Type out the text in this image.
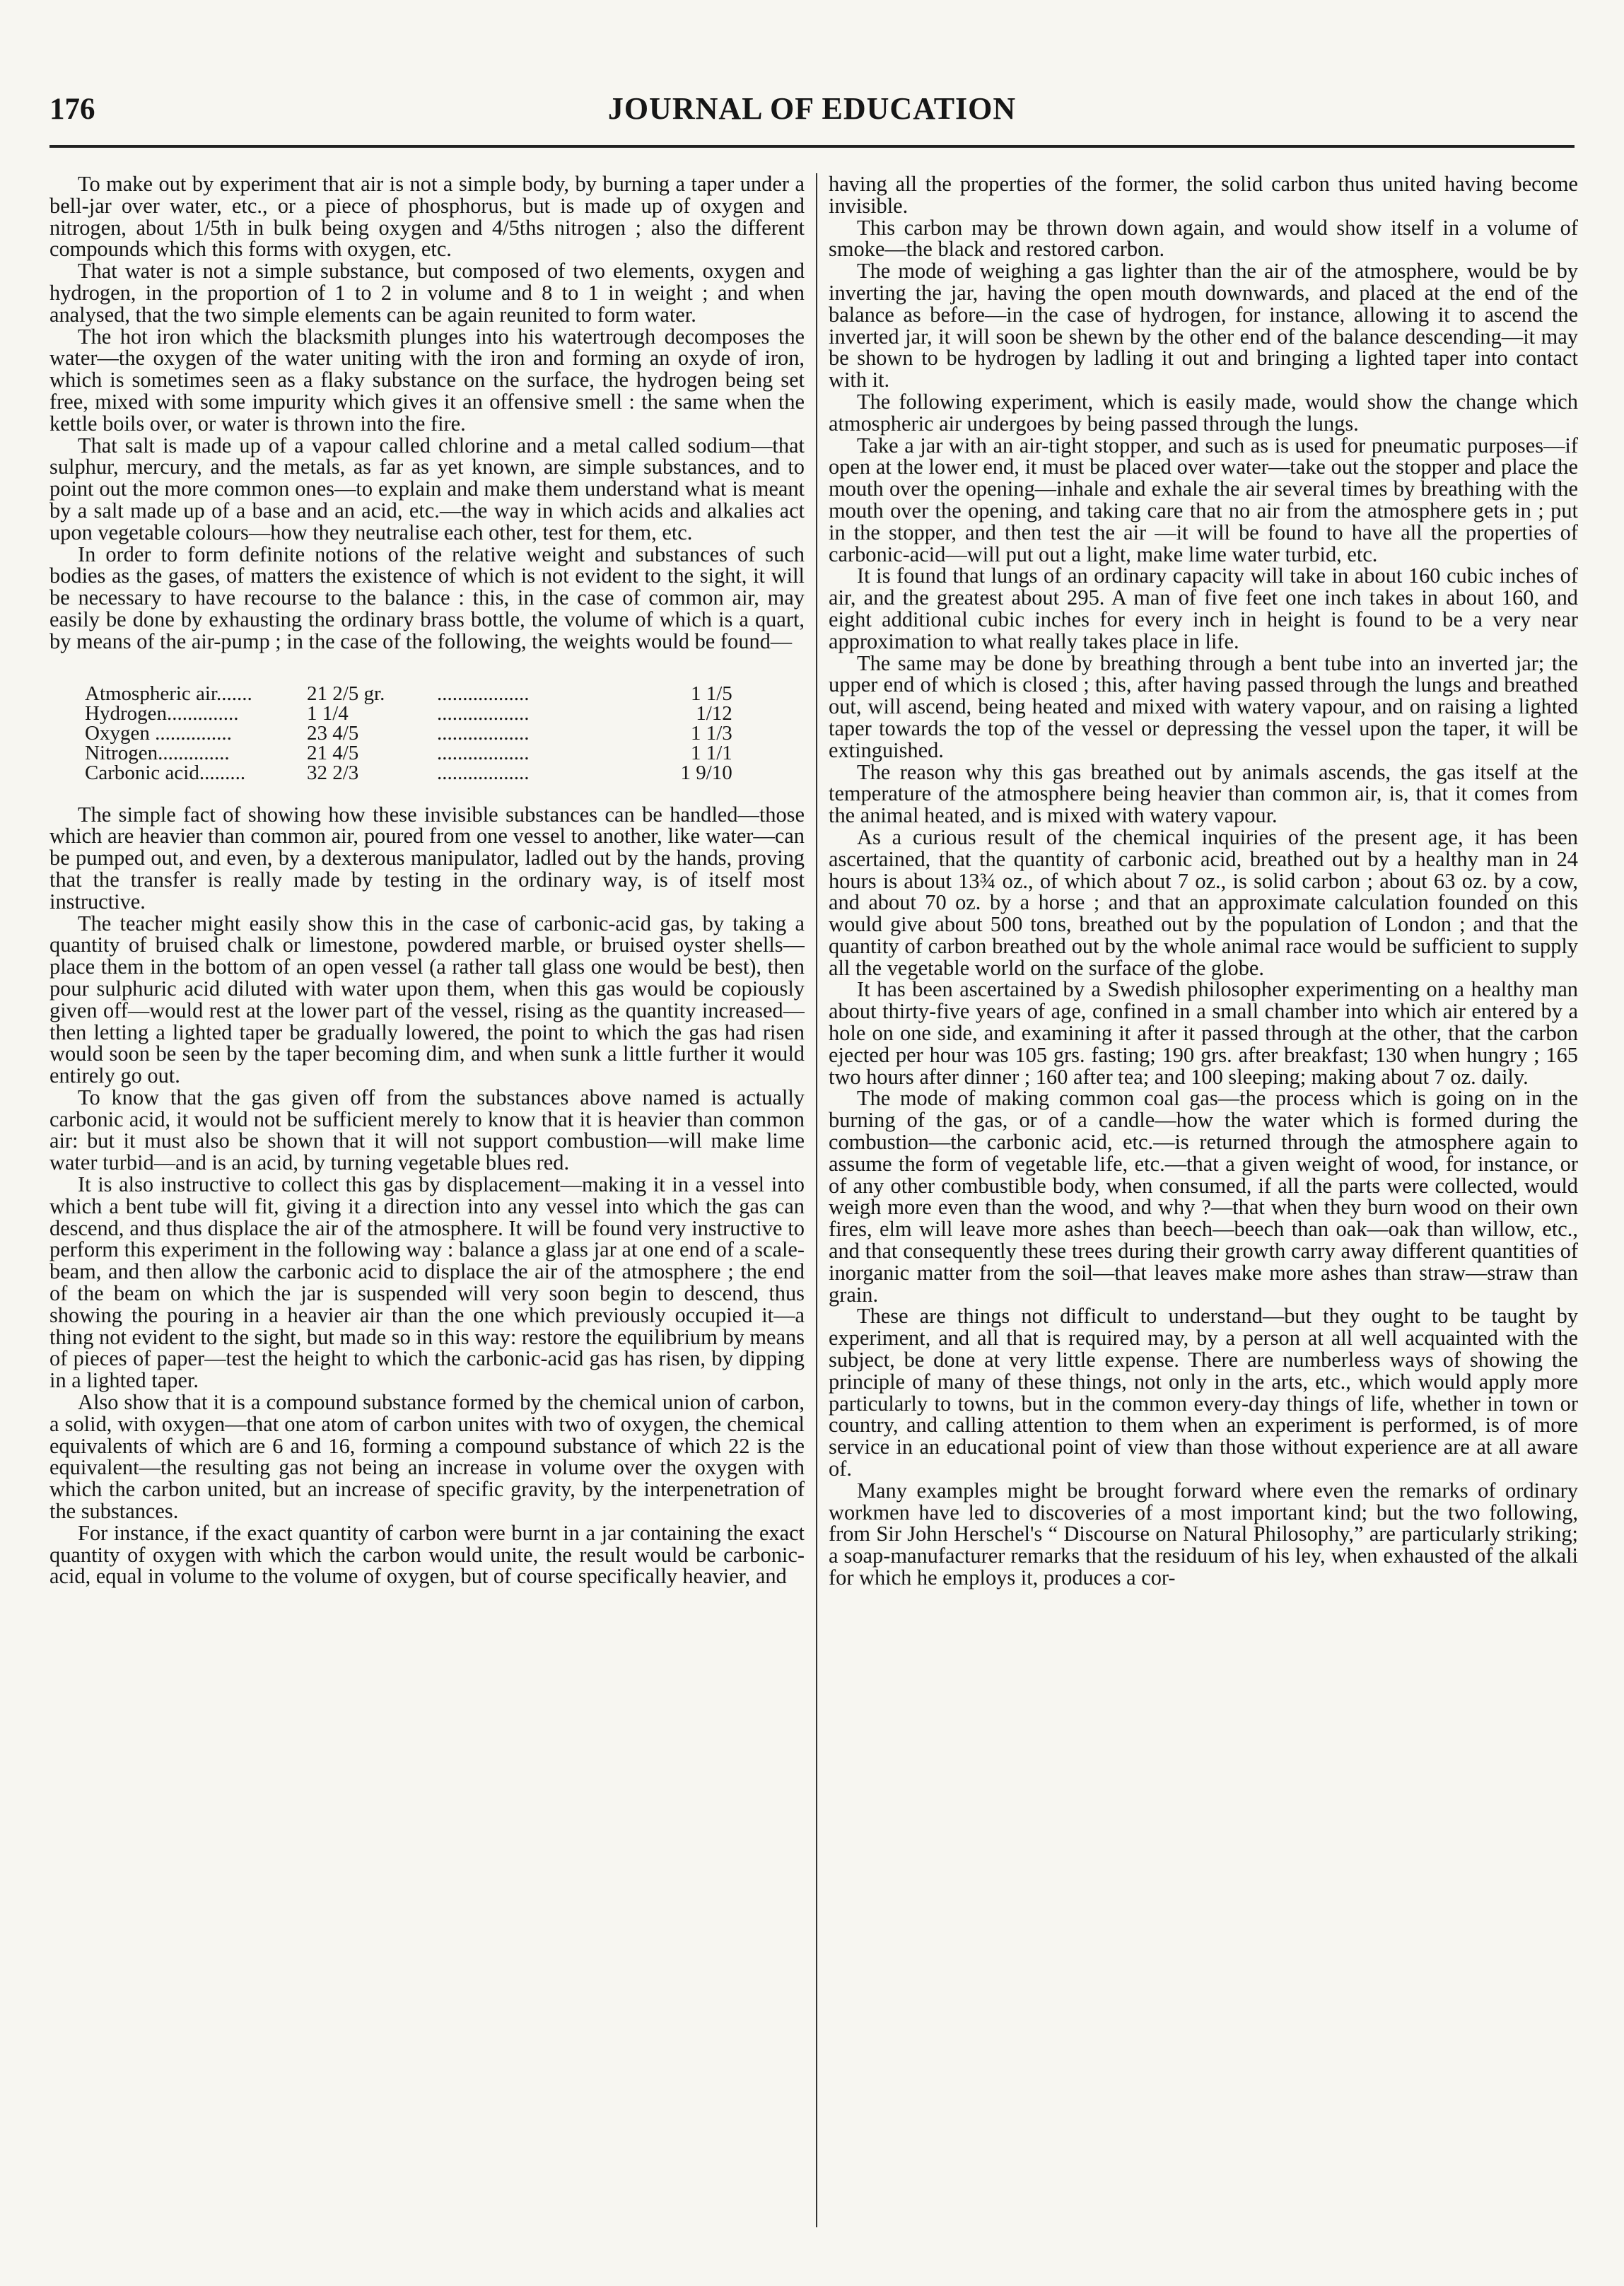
176	JOURNAL OF EDUCATION

To make out by experiment that air is not a simple body, by burning a taper under a bell-jar over water, etc., or a piece of phosphorus, but is made up of oxygen and nitrogen, about 1/5th in bulk being oxygen and 4/5ths nitrogen ; also the different compounds which this forms with oxygen, etc.

That water is not a simple substance, but composed of two elements, oxygen and hydrogen, in the proportion of 1 to 2 in volume and 8 to 1 in weight ; and when analysed, that the two simple elements can be again reunited to form water.

The hot iron which the blacksmith plunges into his watertrough decomposes the water—the oxygen of the water uniting with the iron and forming an oxyde of iron, which is sometimes seen as a flaky substance on the surface, the hydrogen being set free, mixed with some impurity which gives it an offensive smell : the same when the kettle boils over, or water is thrown into the fire.

That salt is made up of a vapour called chlorine and a metal called sodium—that sulphur, mercury, and the metals, as far as yet known, are simple substances, and to point out the more common ones—to explain and make them understand what is meant by a salt made up of a base and an acid, etc.—the way in which acids and alkalies act upon vegetable colours—how they neutralise each other, test for them, etc.

In order to form definite notions of the relative weight and substances of such bodies as the gases, of matters the existence of which is not evident to the sight, it will be necessary to have recourse to the balance : this, in the case of common air, may easily be done by exhausting the ordinary brass bottle, the volume of which is a quart, by means of the air-pump ; in the case of the following, the weights would be found—

Atmospheric air.......	21 2/5 gr.	..................	1 1/5
Hydrogen..............	1 1/4	..................	1/12
Oxygen ...............	23 4/5	..................	1 1/3
Nitrogen..............	21 4/5	..................	1 1/1
Carbonic acid.........	32 2/3	..................	1 9/10

The simple fact of showing how these invisible substances can be handled—those which are heavier than common air, poured from one vessel to another, like water—can be pumped out, and even, by a dexterous manipulator, ladled out by the hands, proving that the transfer is really made by testing in the ordinary way, is of itself most instructive.

The teacher might easily show this in the case of carbonic-acid gas, by taking a quantity of bruised chalk or limestone, powdered marble, or bruised oyster shells—place them in the bottom of an open vessel (a rather tall glass one would be best), then pour sulphuric acid diluted with water upon them, when this gas would be copiously given off—would rest at the lower part of the vessel, rising as the quantity increased—then letting a lighted taper be gradually lowered, the point to which the gas had risen would soon be seen by the taper becoming dim, and when sunk a little further it would entirely go out.

To know that the gas given off from the substances above named is actually carbonic acid, it would not be sufficient merely to know that it is heavier than common air: but it must also be shown that it will not support combustion—will make lime water turbid—and is an acid, by turning vegetable blues red.

It is also instructive to collect this gas by displacement—making it in a vessel into which a bent tube will fit, giving it a direction into any vessel into which the gas can descend, and thus displace the air of the atmosphere. It will be found very instructive to perform this experiment in the following way : balance a glass jar at one end of a scale-beam, and then allow the carbonic acid to displace the air of the atmosphere ; the end of the beam on which the jar is suspended will very soon begin to descend, thus showing the pouring in a heavier air than the one which previously occupied it—a thing not evident to the sight, but made so in this way: restore the equilibrium by means of pieces of paper—test the height to which the carbonic-acid gas has risen, by dipping in a lighted taper.

Also show that it is a compound substance formed by the chemical union of carbon, a solid, with oxygen—that one atom of carbon unites with two of oxygen, the chemical equivalents of which are 6 and 16, forming a compound substance of which 22 is the equivalent—the resulting gas not being an increase in volume over the oxygen with which the carbon united, but an increase of specific gravity, by the interpenetration of the substances.

For instance, if the exact quantity of carbon were burnt in a jar containing the exact quantity of oxygen with which the carbon would unite, the result would be carbonic-acid, equal in volume to the volume of oxygen, but of course specifically heavier, and

having all the properties of the former, the solid carbon thus united having become invisible.

This carbon may be thrown down again, and would show itself in a volume of smoke—the black and restored carbon.

The mode of weighing a gas lighter than the air of the atmosphere, would be by inverting the jar, having the open mouth downwards, and placed at the end of the balance as before—in the case of hydrogen, for instance, allowing it to ascend the inverted jar, it will soon be shewn by the other end of the balance descending—it may be shown to be hydrogen by ladling it out and bringing a lighted taper into contact with it.

The following experiment, which is easily made, would show the change which atmospheric air undergoes by being passed through the lungs.

Take a jar with an air-tight stopper, and such as is used for pneumatic purposes—if open at the lower end, it must be placed over water—take out the stopper and place the mouth over the opening—inhale and exhale the air several times by breathing with the mouth over the opening, and taking care that no air from the atmosphere gets in ; put in the stopper, and then test the air —it will be found to have all the properties of carbonic-acid—will put out a light, make lime water turbid, etc.

It is found that lungs of an ordinary capacity will take in about 160 cubic inches of air, and the greatest about 295. A man of five feet one inch takes in about 160, and eight additional cubic inches for every inch in height is found to be a very near approximation to what really takes place in life.

The same may be done by breathing through a bent tube into an inverted jar; the upper end of which is closed ; this, after having passed through the lungs and breathed out, will ascend, being heated and mixed with watery vapour, and on raising a lighted taper towards the top of the vessel or depressing the vessel upon the taper, it will be extinguished.

The reason why this gas breathed out by animals ascends, the gas itself at the temperature of the atmosphere being heavier than common air, is, that it comes from the animal heated, and is mixed with watery vapour.

As a curious result of the chemical inquiries of the present age, it has been ascertained, that the quantity of carbonic acid, breathed out by a healthy man in 24 hours is about 13¾ oz., of which about 7 oz., is solid carbon ; about 63 oz. by a cow, and about 70 oz. by a horse ; and that an approximate calculation founded on this would give about 500 tons, breathed out by the population of London ; and that the quantity of carbon breathed out by the whole animal race would be sufficient to supply all the vegetable world on the surface of the globe.

It has been ascertained by a Swedish philosopher experimenting on a healthy man about thirty-five years of age, confined in a small chamber into which air entered by a hole on one side, and examining it after it passed through at the other, that the carbon ejected per hour was 105 grs. fasting; 190 grs. after breakfast; 130 when hungry ; 165 two hours after dinner ; 160 after tea; and 100 sleeping; making about 7 oz. daily.

The mode of making common coal gas—the process which is going on in the burning of the gas, or of a candle—how the water which is formed during the combustion—the carbonic acid, etc.—is returned through the atmosphere again to assume the form of vegetable life, etc.—that a given weight of wood, for instance, or of any other combustible body, when consumed, if all the parts were collected, would weigh more even than the wood, and why ?—that when they burn wood on their own fires, elm will leave more ashes than beech—beech than oak—oak than willow, etc., and that consequently these trees during their growth carry away different quantities of inorganic matter from the soil—that leaves make more ashes than straw—straw than grain.

These are things not difficult to understand—but they ought to be taught by experiment, and all that is required may, by a person at all well acquainted with the subject, be done at very little expense. There are numberless ways of showing the principle of many of these things, not only in the arts, etc., which would apply more particularly to towns, but in the common every-day things of life, whether in town or country, and calling attention to them when an experiment is performed, is of more service in an educational point of view than those without experience are at all aware of.

Many examples might be brought forward where even the remarks of ordinary workmen have led to discoveries of a most important kind; but the two following, from Sir John Herschel's “ Discourse on Natural Philosophy,” are particularly striking; a soap-manufacturer remarks that the residuum of his ley, when exhausted of the alkali for which he employs it, produces a cor-
